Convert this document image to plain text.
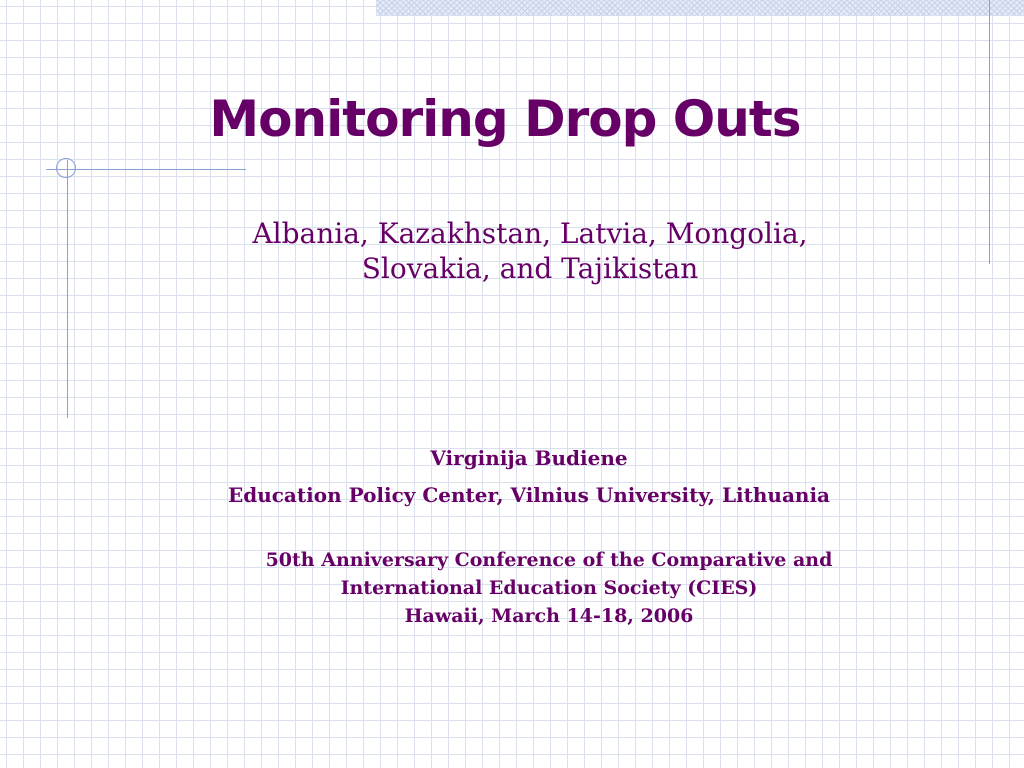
Monitoring Drop Outs
Albania, Kazakhstan, Latvia, Mongolia,
Slovakia, and Tajikistan
Virginija Budiene
Education Policy Center, Vilnius University, Lithuania
50th Anniversary Conference of the Comparative and
International Education Society (CIES)
Hawaii, March 14-18, 2006
